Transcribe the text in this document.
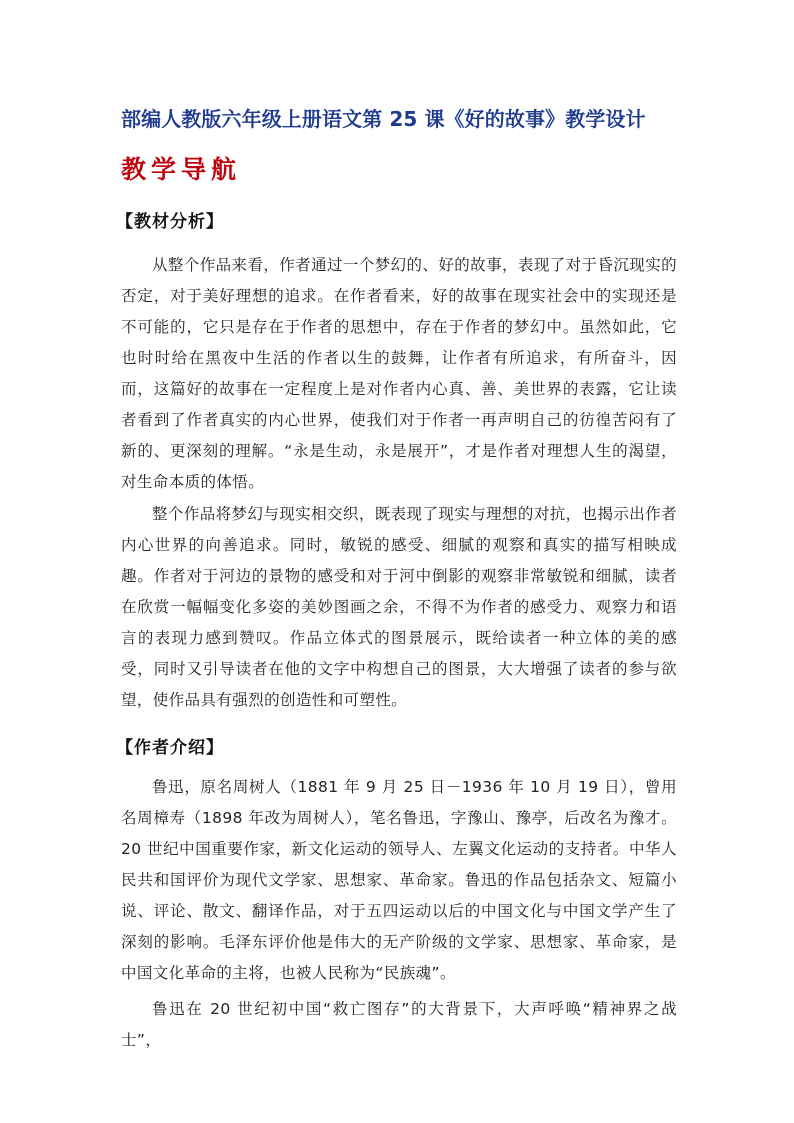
部编人教版六年级上册语文第 25 课《好的故事》教学设计
教学导航
【教材分析】
从整个作品来看，作者通过一个梦幻的、好的故事，表现了对于昏沉现实的否定，对于美好理想的追求。在作者看来，好的故事在现实社会中的实现还是不可能的，它只是存在于作者的思想中，存在于作者的梦幻中。虽然如此，它也时时给在黑夜中生活的作者以生的鼓舞，让作者有所追求，有所奋斗，因而，这篇好的故事在一定程度上是对作者内心真、善、美世界的表露，它让读者看到了作者真实的内心世界，使我们对于作者一再声明自己的彷徨苦闷有了新的、更深刻的理解。“永是生动，永是展开”，才是作者对理想人生的渴望，对生命本质的体悟。
整个作品将梦幻与现实相交织，既表现了现实与理想的对抗，也揭示出作者内心世界的向善追求。同时，敏锐的感受、细腻的观察和真实的描写相映成趣。作者对于河边的景物的感受和对于河中倒影的观察非常敏锐和细腻，读者在欣赏一幅幅变化多姿的美妙图画之余，不得不为作者的感受力、观察力和语言的表现力感到赞叹。作品立体式的图景展示，既给读者一种立体的美的感受，同时又引导读者在他的文字中构想自己的图景，大大增强了读者的参与欲望，使作品具有强烈的创造性和可塑性。
【作者介绍】
鲁迅，原名周树人（1881 年 9 月 25 日－1936 年 10 月 19 日），曾用名周樟寿（1898 年改为周树人），笔名鲁迅，字豫山、豫亭，后改名为豫才。20 世纪中国重要作家，新文化运动的领导人、左翼文化运动的支持者。中华人民共和国评价为现代文学家、思想家、革命家。鲁迅的作品包括杂文、短篇小说、评论、散文、翻译作品，对于五四运动以后的中国文化与中国文学产生了深刻的影响。毛泽东评价他是伟大的无产阶级的文学家、思想家、革命家，是中国文化革命的主将，也被人民称为“民族魂”。
鲁迅在 20 世纪初中国“救亡图存”的大背景下，大声呼唤“精神界之战士”，
